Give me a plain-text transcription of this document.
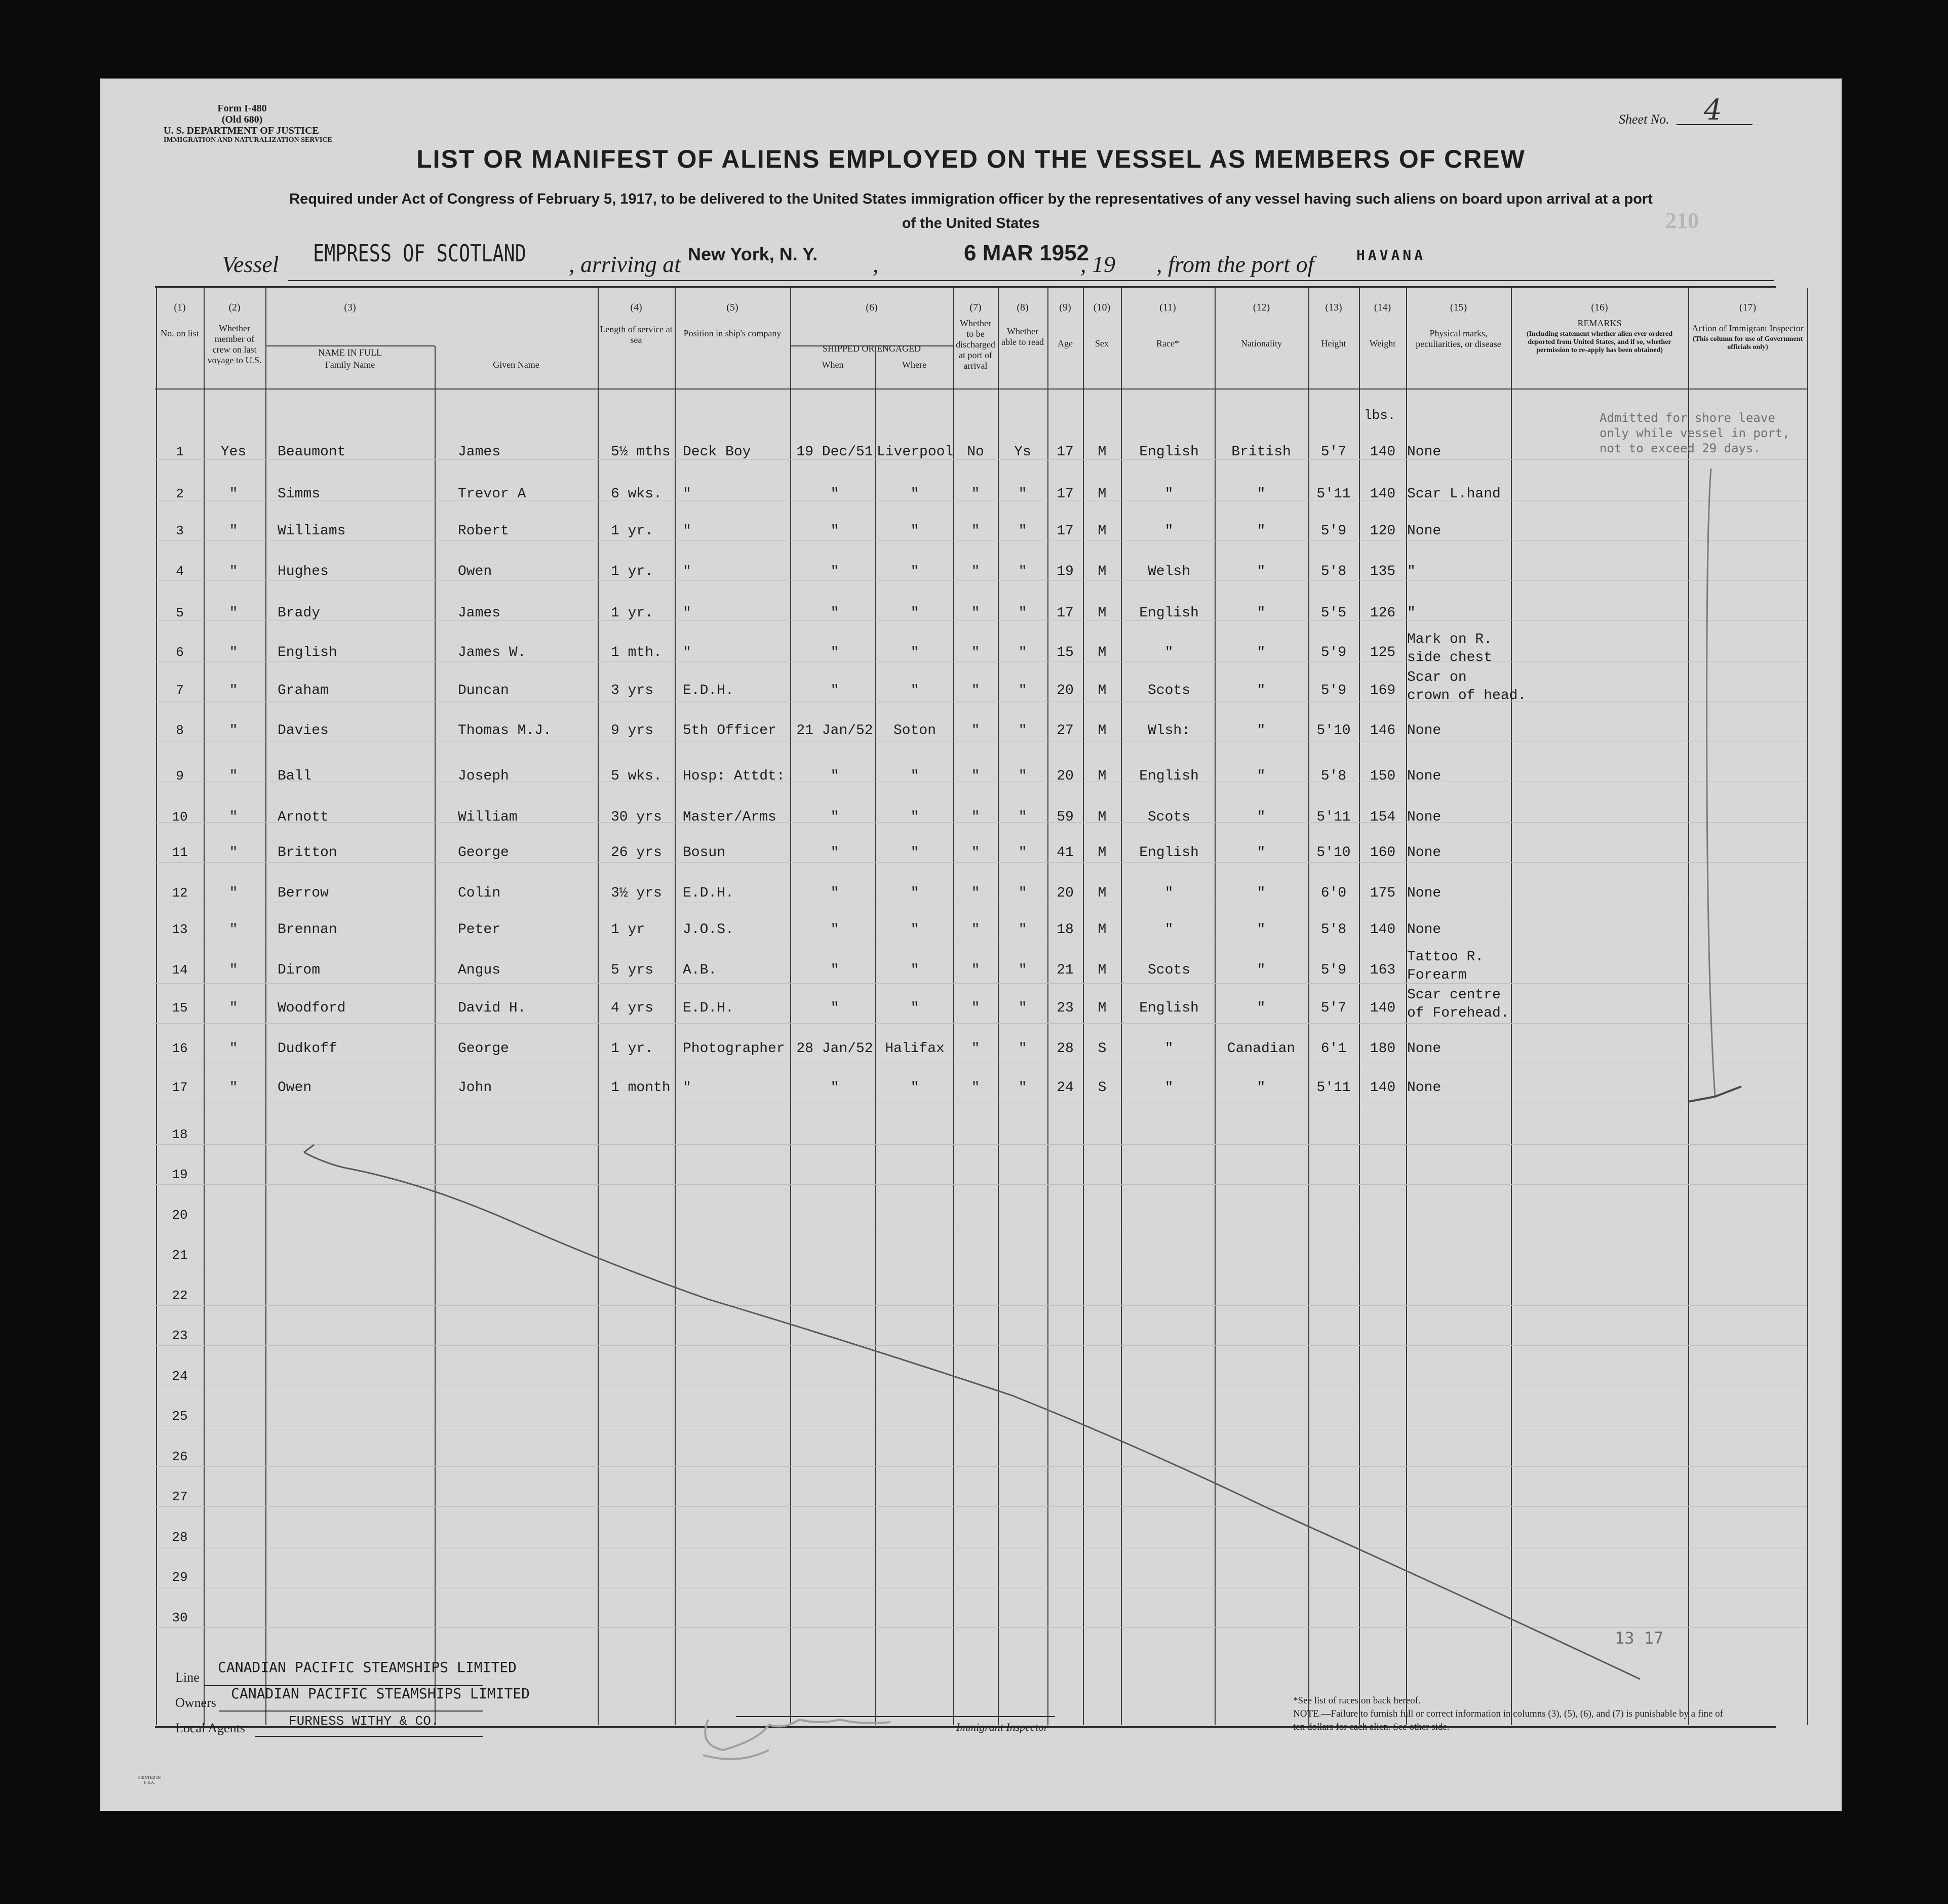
Form I-480
(Old 680)
U. S. DEPARTMENT OF JUSTICE
IMMIGRATION AND NATURALIZATION SERVICE
Sheet No. 4
LIST OR MANIFEST OF ALIENS EMPLOYED ON THE VESSEL AS MEMBERS OF CREW
Required under Act of Congress of February 5, 1917, to be delivered to the United States immigration officer by the representatives of any vessel having such aliens on board upon arrival at a port
of the United States	210
Vessel EMPRESS OF SCOTLAND , arriving at New York, N. Y. ,	6 MAR 1952
, 19 , from the port of	HAVANA
(1)
No. on list
(2)
Whether member of crew on last voyage to U.S.
(3)
NAME IN FULL
Family Name	Given Name
(4)
Length of service at sea
(5)
Position in ship's company
(6)
SHIPPED OR ENGAGED
When	Where
(7)
Whether to be discharged at port of arrival
(8)
Whether able to read
(9)
Age
(10)
Sex
(11)
Race*
(12)
Nationality
(13)
Height
(14)
Weight
(15)
Physical marks, peculiarities, or disease
(16)
REMARKS
(Including statement whether alien ever ordered deported from United States, and if so, whether permission to re-apply has been obtained)
(17)
Action of Immigrant Inspector
(This column for use of Government officials only)
18
19
20
21
22
23
24
25
26
27
28
29
30
1	Yes	Beaumont	James	5½ mths Deck Boy	19 Dec/51 Liverpool No	Ys	17	M	English	British	5'7	140 None
2	"	Simms	Trevor A	6 wks.	"	"	"	"	"	17	M	"	"	5'11	140 Scar L.hand
3	"	Williams	Robert	1 yr.	"	"	"	"	"	17	M	"	"	5'9	120 None
4	"	Hughes	Owen	1 yr.	"	"	"	"	"	19	M	Welsh	"	5'8	135 "
5	"	Brady	James	1 yr.	"	"	"	"	"	17	M	English	"	5'5	126 "
6	"	English	James W.	1 mth.	"	"	"	"	"	15	M	"	"	5'9	125
Mark on R.
side chest
7	"	Graham	Duncan	3 yrs	E.D.H.	"	"	"	"	20	M	Scots	"	5'9	169
Scar on
crown of head.
8	"	Davies	Thomas M.J.	9 yrs	5th Officer	21 Jan/52	Soton	"	"	27	M	Wlsh:	"	5'10	146 None
9	"	Ball	Joseph	5 wks.	Hosp: Attdt:	"	"	"	"	20	M	English	"	5'8	150 None
10	"	Arnott	William	30 yrs	Master/Arms	"	"	"	"	59	M	Scots	"	5'11	154 None
11	"	Britton	George	26 yrs	Bosun	"	"	"	"	41	M	English	"	5'10	160 None
12	"	Berrow	Colin	3½ yrs	E.D.H.	"	"	"	"	20	M	"	"	6'0	175 None
13	"	Brennan	Peter	1 yr	J.O.S.	"	"	"	"	18	M	"	"	5'8	140 None
14	"	Dirom	Angus	5 yrs	A.B.	"	"	"	"	21	M	Scots	"	5'9	163
Tattoo R.
Forearm
15	"	Woodford	David H.	4 yrs	E.D.H.	"	"	"	"	23	M	English	"	5'7	140
Scar centre
of Forehead.
16	"	Dudkoff	George	1 yr.	Photographer 28 Jan/52 Halifax	"	"	28	S	"	Canadian	6'1	180 None
17	"	Owen	John	1 month "	"	"	"	"	24	S	"	"	5'11	140 None
lbs.	Admitted for shore leave only while vessel in port, not to exceed 29 days.
13 17
Line
CANADIAN PACIFIC STEAMSHIPS LIMITED
Owners
CANADIAN PACIFIC STEAMSHIPS LIMITED
Local Agents	FURNESS WITHY & CO.	Immigrant Inspector
*See list of races on back hereof.
NOTE.—Failure to furnish full or correct information in columns (3), (5), (6), and (7) is punishable by a fine of ten dollars for each alien. See other side.
PRINTED IN U.S.A.
